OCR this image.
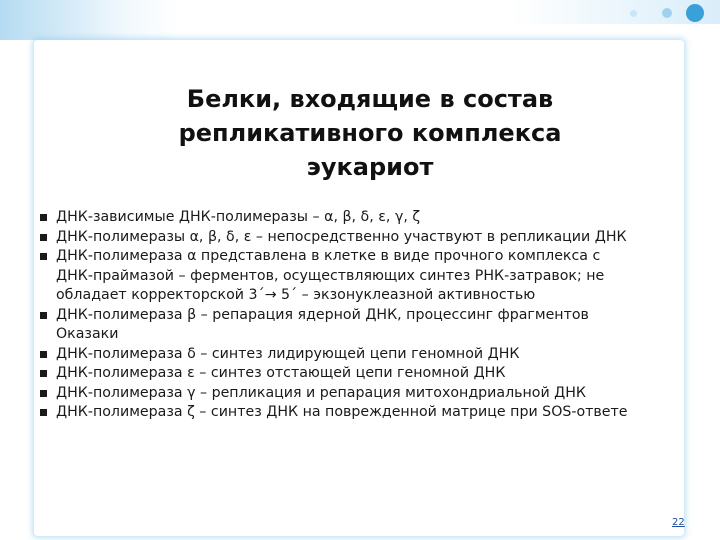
Белки, входящие в состав
репликативного комплекса
эукариот
ДНК-зависимые ДНК-полимеразы – α, β, δ, ε, γ, ζ
ДНК-полимеразы α, β, δ, ε – непосредственно участвуют в репликации ДНК
ДНК-полимераза α представлена в клетке в виде прочного комплекса с ДНК-праймазой – ферментов, осуществляющих синтез РНК-затравок; не обладает корректорской 3´→ 5´ – экзонуклеазной активностью
ДНК-полимераза β – репарация ядерной ДНК, процессинг фрагментов Оказаки
ДНК-полимераза δ – синтез лидирующей цепи геномной ДНК
ДНК-полимераза ε – синтез отстающей цепи геномной ДНК
ДНК-полимераза γ – репликация и репарация митохондриальной ДНК
ДНК-полимераза ζ – синтез ДНК на поврежденной матрице при SOS-ответе
22
